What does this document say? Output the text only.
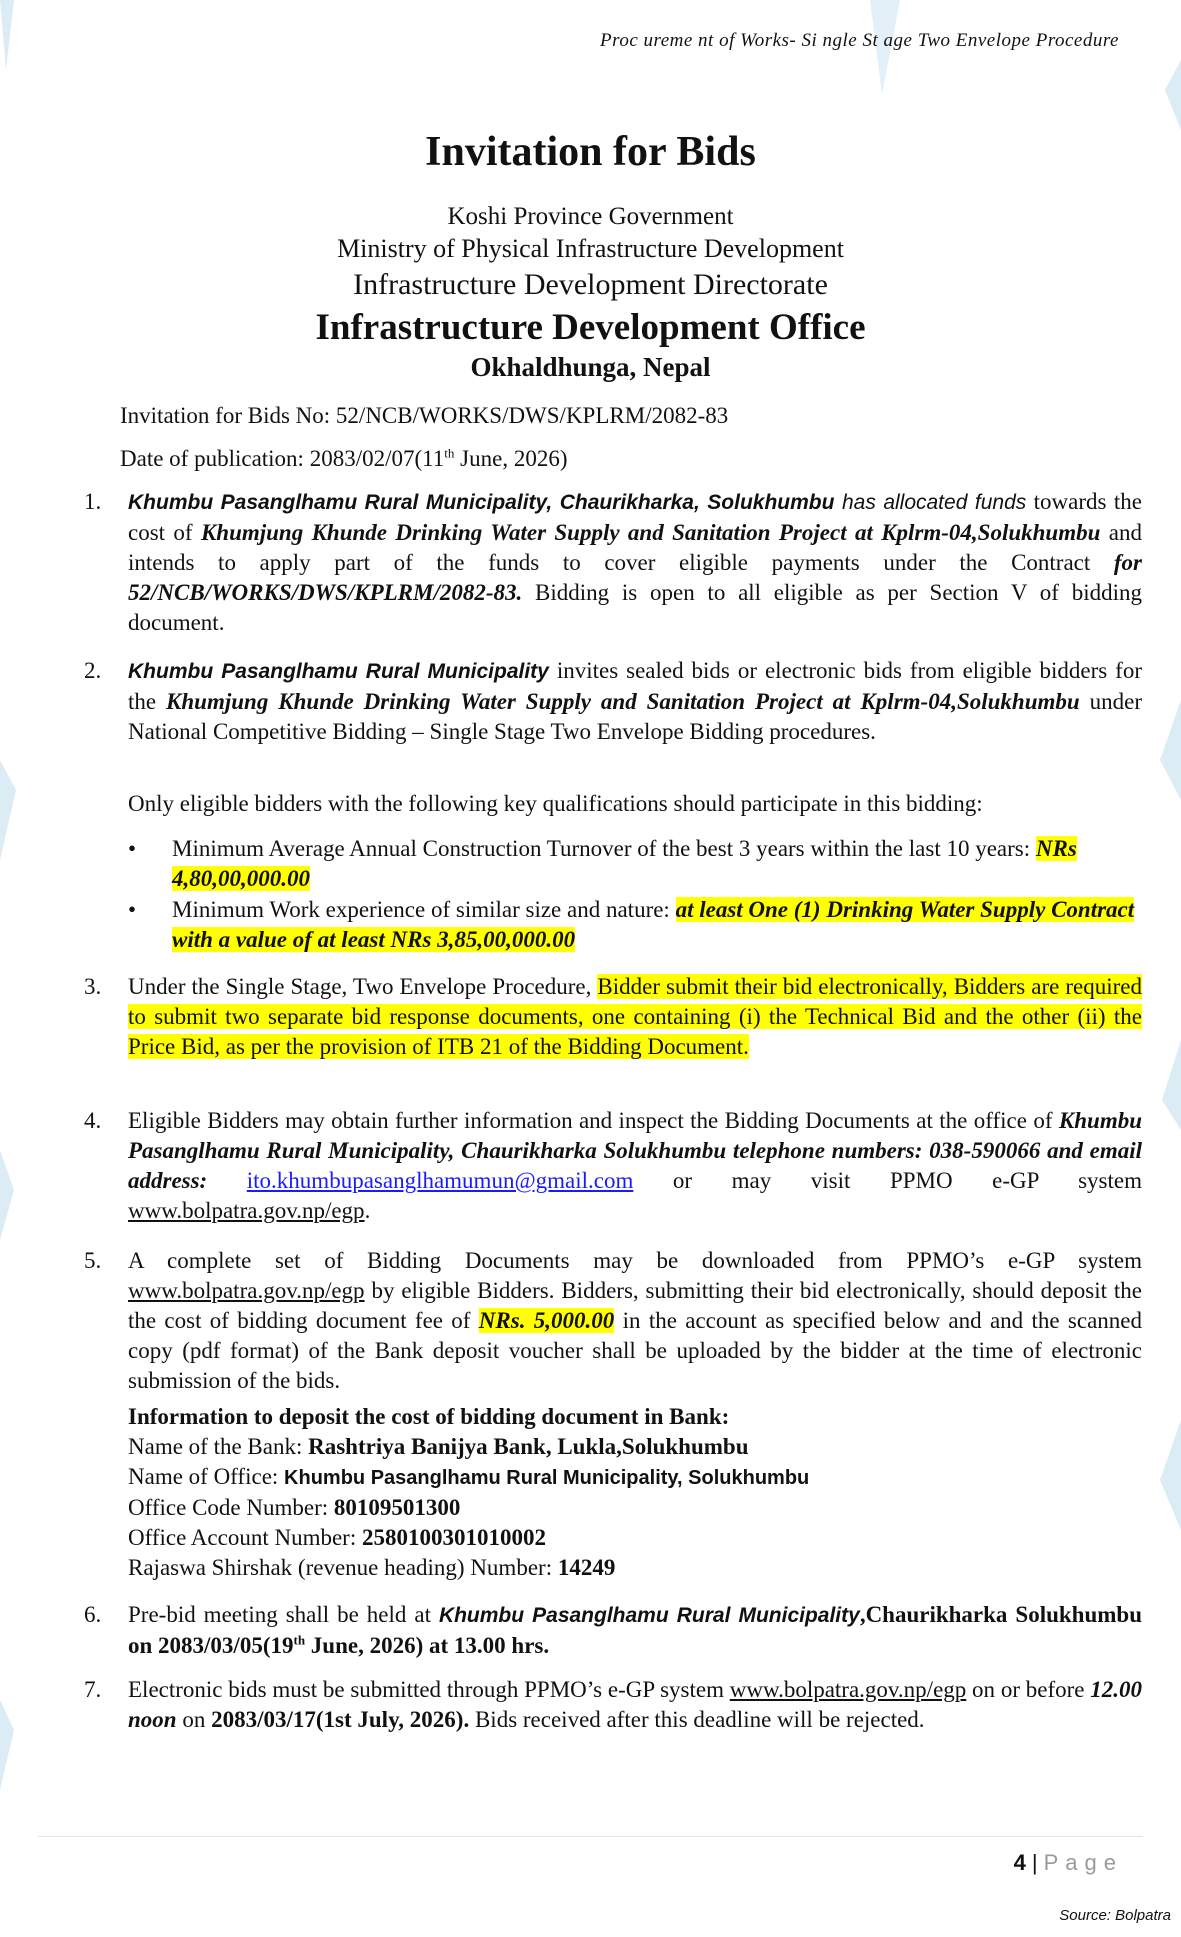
Proc ureme nt of Works- Si ngle St age Two Envelope Procedure
Invitation for Bids
Koshi Province Government
Ministry of Physical Infrastructure Development
Infrastructure Development Directorate
Infrastructure Development Office
Okhaldhunga, Nepal
Invitation for Bids No: 52/NCB/WORKS/DWS/KPLRM/2082-83
Date of publication: 2083/02/07(11th June, 2026)
1. Khumbu Pasanglhamu Rural Municipality, Chaurikharka, Solukhumbu has allocated funds towards the cost of Khumjung Khunde Drinking Water Supply and Sanitation Project at Kplrm-04,Solukhumbu and intends to apply part of the funds to cover eligible payments under the Contract for 52/NCB/WORKS/DWS/KPLRM/2082-83. Bidding is open to all eligible as per Section V of bidding document.
2. Khumbu Pasanglhamu Rural Municipality invites sealed bids or electronic bids from eligible bidders for the Khumjung Khunde Drinking Water Supply and Sanitation Project at Kplrm-04,Solukhumbu under National Competitive Bidding – Single Stage Two Envelope Bidding procedures.
Only eligible bidders with the following key qualifications should participate in this bidding:
• Minimum Average Annual Construction Turnover of the best 3 years within the last 10 years: NRs 4,80,00,000.00
• Minimum Work experience of similar size and nature: at least One (1) Drinking Water Supply Contract with a value of at least NRs 3,85,00,000.00
3. Under the Single Stage, Two Envelope Procedure, Bidder submit their bid electronically, Bidders are required to submit two separate bid response documents, one containing (i) the Technical Bid and the other (ii) the Price Bid, as per the provision of ITB 21 of the Bidding Document.
4. Eligible Bidders may obtain further information and inspect the Bidding Documents at the office of Khumbu Pasanglhamu Rural Municipality, Chaurikharka Solukhumbu telephone numbers: 038-590066 and email address: ito.khumbupasanglhamumun@gmail.com or may visit PPMO e-GP system www.bolpatra.gov.np/egp.
5. A complete set of Bidding Documents may be downloaded from PPMO’s e-GP system www.bolpatra.gov.np/egp by eligible Bidders. Bidders, submitting their bid electronically, should deposit the the cost of bidding document fee of NRs. 5,000.00 in the account as specified below and and the scanned copy (pdf format) of the Bank deposit voucher shall be uploaded by the bidder at the time of electronic submission of the bids.
Information to deposit the cost of bidding document in Bank:
Name of the Bank: Rashtriya Banijya Bank, Lukla,Solukhumbu
Name of Office: Khumbu Pasanglhamu Rural Municipality, Solukhumbu
Office Code Number: 80109501300
Office Account Number: 2580100301010002
Rajaswa Shirshak (revenue heading) Number: 14249
6. Pre-bid meeting shall be held at Khumbu Pasanglhamu Rural Municipality,Chaurikharka Solukhumbu on 2083/03/05(19th June, 2026) at 13.00 hrs.
7. Electronic bids must be submitted through PPMO’s e-GP system www.bolpatra.gov.np/egp on or before 12.00 noon on 2083/03/17(1st July, 2026). Bids received after this deadline will be rejected.
4 | Page
Source: Bolpatra
